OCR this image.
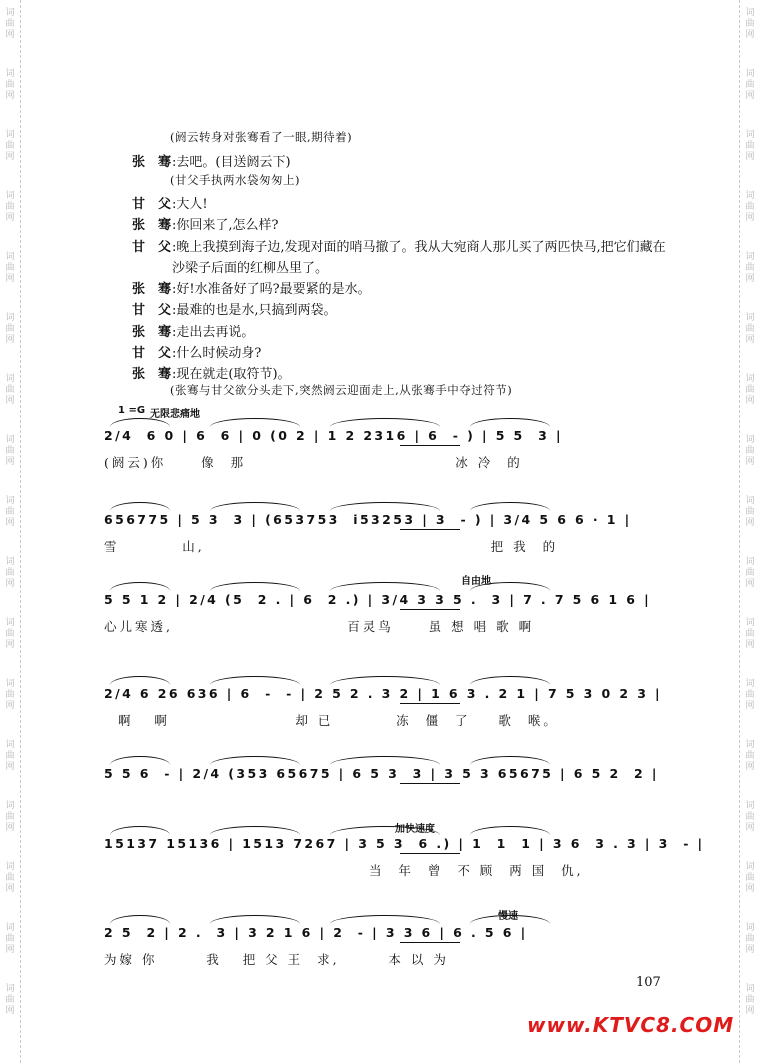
词
曲
网
词
曲
网
词
曲
网
词
曲
网
词
曲
网
词
曲
网
词
曲
网
词
曲
网
词
曲
网
词
曲
网
词
曲
网
词
曲
网
词
曲
网
词
曲
网
词
曲
网
词
曲
网
词
曲
网
词
曲
网
词
曲
网
词
曲
网
词
曲
网
词
曲
网
词
曲
网
词
曲
网
词
曲
网
词
曲
网
词
曲
网
词
曲
网
词
曲
网
词
曲
网
词
曲
网
词
曲
网
词
曲
网
词
曲
网
(阏云转身对张骞看了一眼,期待着)
张　骞:去吧。(目送阏云下)
(甘父手执两水袋匆匆上)
甘　父:大人!
张　骞:你回来了,怎么样?
甘　父:晚上我摸到海子边,发现对面的哨马撤了。我从大宛商人那儿买了两匹快马,把它们藏在
沙梁子后面的红柳丛里了。
张　骞:好!水准备好了吗?最要紧的是水。
甘　父:最难的也是水,只搞到两袋。
张　骞:走出去再说。
甘　父:什么时候动身?
张　骞:现在就走(取符节)。
(张骞与甘父欲分头走下,突然阏云迎面走上,从张骞手中夺过符节)
1 =G 无限悲痛地
自由地
加快速度
慢速
2/4  6 0 | 6  6 | 0 (0 2 | 1 2 2316 | 6  - ) | 5 5  3 |
(阏云)你     像  那                              冰 冷  的
656775 | 5 3  3 | (653753  i53253 | 3  - ) | 3/4 5 6 6 · 1 |
雪         山,                                         把 我  的
5 5 1 2 | 2/4 (5  2 . | 6  2 .) | 3/4 3 3 5 .  3 | 7 . 7 5 6 1 6 |
心儿寒透,                         百灵鸟     虽 想 唱 歌 啊
2/4 6 26 636 | 6  -  - | 2 5 2 . 3 2 | 1 6 3 . 2 1 | 7 5 3 0 2 3 |
啊   啊                  却 已         冻  僵  了    歌  喉。
5 5 6  - | 2/4 (353 65675 | 6 5 3  3 | 3 5 3 65675 | 6 5 2  2 |
15137 15136 | 1513 7267 | 3 5 3  6 .) | 1  1  1 | 3 6  3 . 3 | 3  - |
当  年  曾  不 顾  两 国  仇,
2 5  2 | 2 .  3 | 3 2 1 6 | 2  - | 3 3 6 | 6 . 5 6 |
为嫁 你       我   把 父 王  求,       本 以 为
107
www.KTVC8.COM
